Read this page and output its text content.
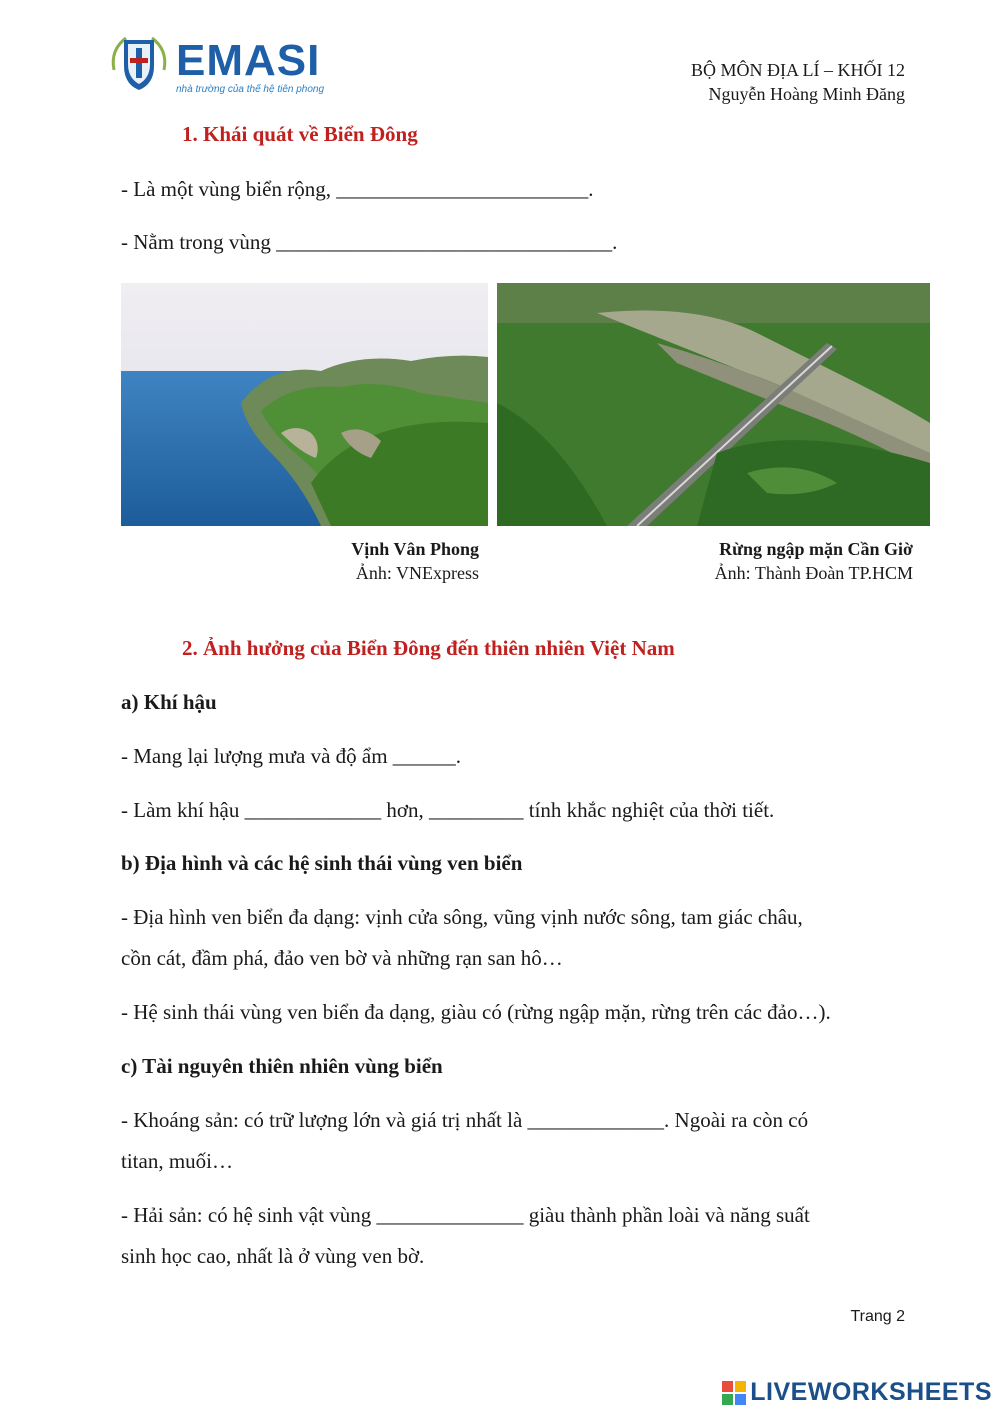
EMASI
nhà trường của thế hệ tiên phong
BỘ MÔN ĐỊA LÍ – KHỐI 12
Nguyễn Hoàng Minh Đăng
1. Khái quát về Biển Đông
- Là một vùng biển rộng, ________________________.
- Nằm trong vùng ________________________________.
Vịnh Vân Phong
Ảnh: VNExpress
Rừng ngập mặn Cần Giờ
Ảnh: Thành Đoàn TP.HCM
2. Ảnh hưởng của Biển Đông đến thiên nhiên Việt Nam
a) Khí hậu
- Mang lại lượng mưa và độ ẩm ______.
- Làm khí hậu _____________ hơn, _________ tính khắc nghiệt của thời tiết.
b) Địa hình và các hệ sinh thái vùng ven biển
- Địa hình ven biển đa dạng: vịnh cửa sông, vũng vịnh nước sông, tam giác châu,
cồn cát, đầm phá, đảo ven bờ và những rạn san hô…
- Hệ sinh thái vùng ven biển đa dạng, giàu có (rừng ngập mặn, rừng trên các đảo…).
c) Tài nguyên thiên nhiên vùng biển
- Khoáng sản: có trữ lượng lớn và giá trị nhất là _____________. Ngoài ra còn có
titan, muối…
- Hải sản: có hệ sinh vật vùng ______________ giàu thành phần loài và năng suất
sinh học cao, nhất là ở vùng ven bờ.
Trang 2
LIVEWORKSHEETS
